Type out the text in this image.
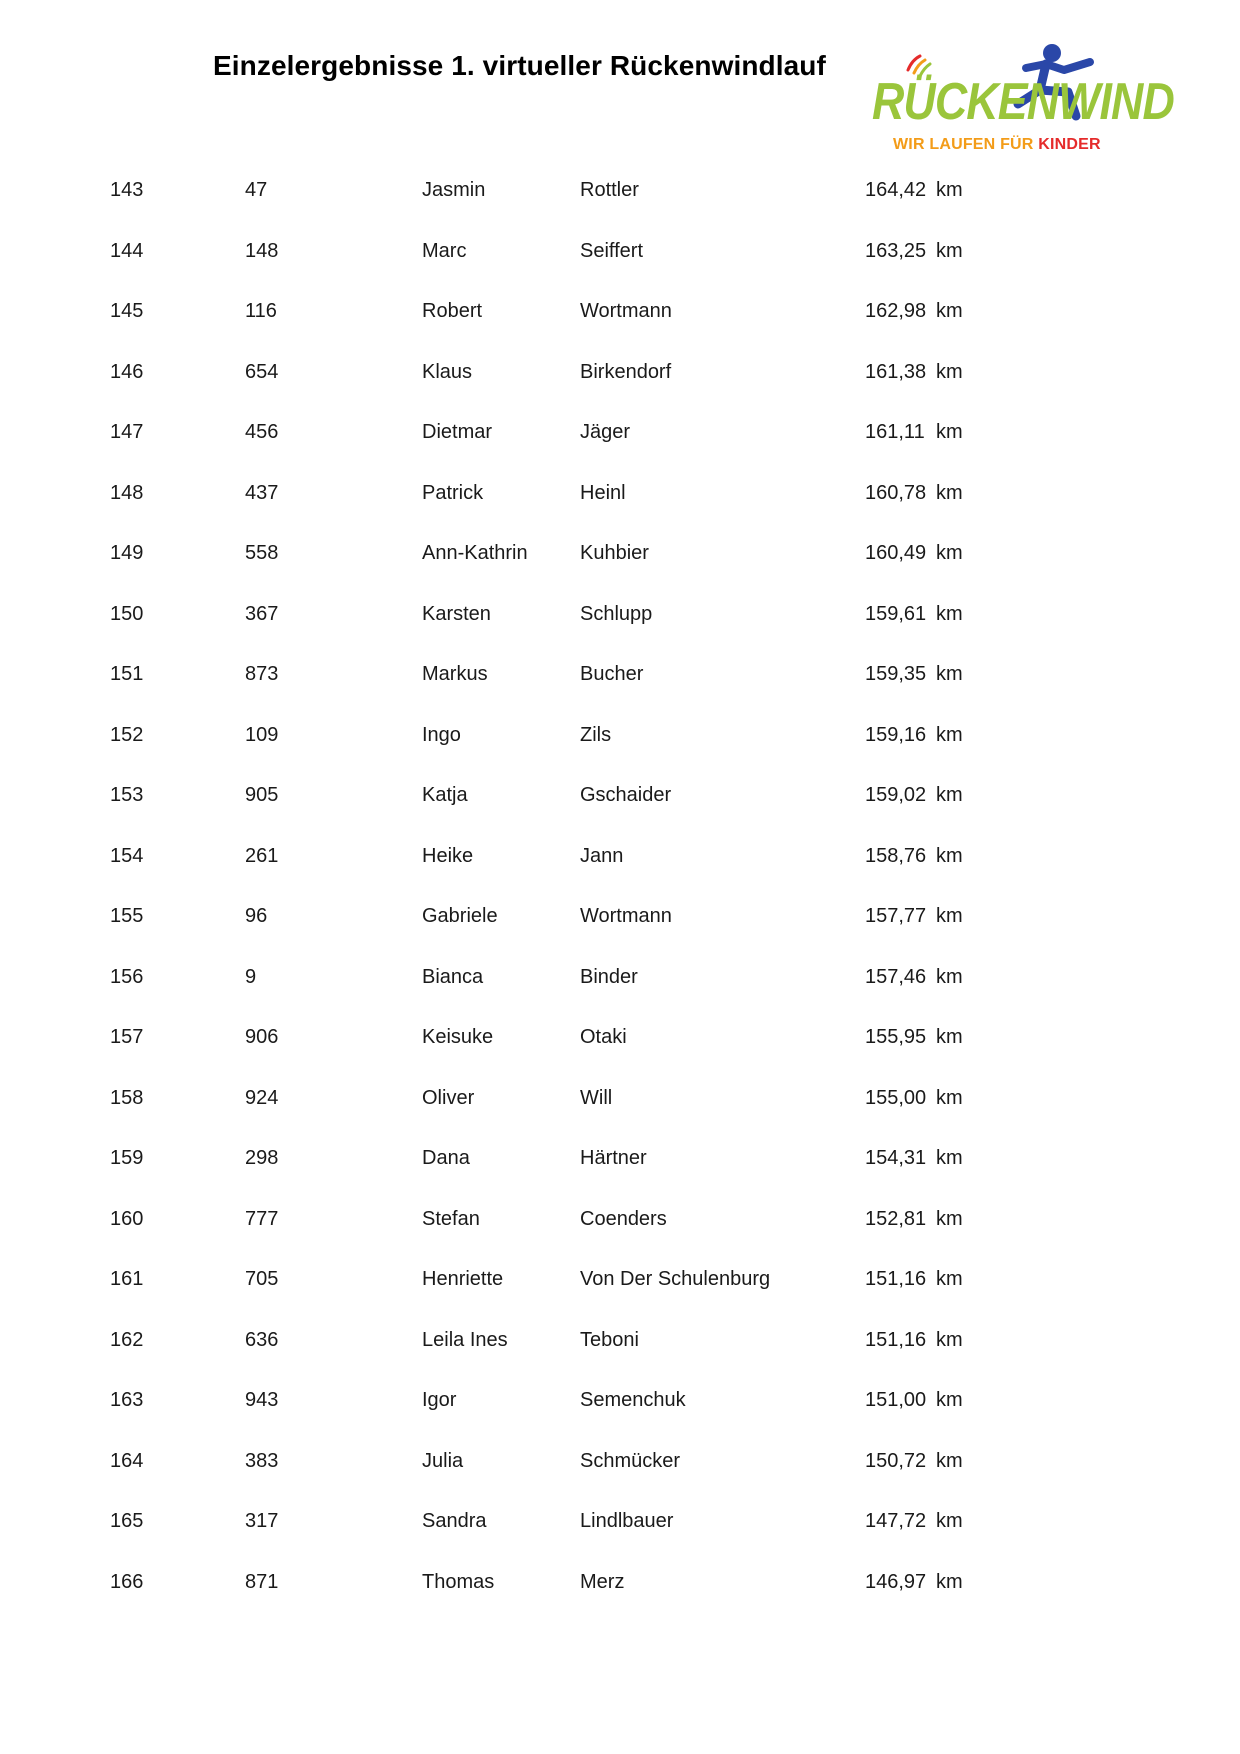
Einzelergebnisse 1. virtueller Rückenwindlauf
RÜCKENWIND
WIR LAUFEN FÜR KINDER
143	47	Jasmin	Rottler	164,42 km
144	148	Marc	Seiffert	163,25 km
145	116	Robert	Wortmann	162,98 km
146	654	Klaus	Birkendorf	161,38 km
147	456	Dietmar	Jäger	161,11 km
148	437	Patrick	Heinl	160,78 km
149	558	Ann-Kathrin	Kuhbier	160,49 km
150	367	Karsten	Schlupp	159,61 km
151	873	Markus	Bucher	159,35 km
152	109	Ingo	Zils	159,16 km
153	905	Katja	Gschaider	159,02 km
154	261	Heike	Jann	158,76 km
155	96	Gabriele	Wortmann	157,77 km
156	9	Bianca	Binder	157,46 km
157	906	Keisuke	Otaki	155,95 km
158	924	Oliver	Will	155,00 km
159	298	Dana	Härtner	154,31 km
160	777	Stefan	Coenders	152,81 km
161	705	Henriette	Von Der Schulenburg	151,16 km
162	636	Leila Ines	Teboni	151,16 km
163	943	Igor	Semenchuk	151,00 km
164	383	Julia	Schmücker	150,72 km
165	317	Sandra	Lindlbauer	147,72 km
166	871	Thomas	Merz	146,97 km
